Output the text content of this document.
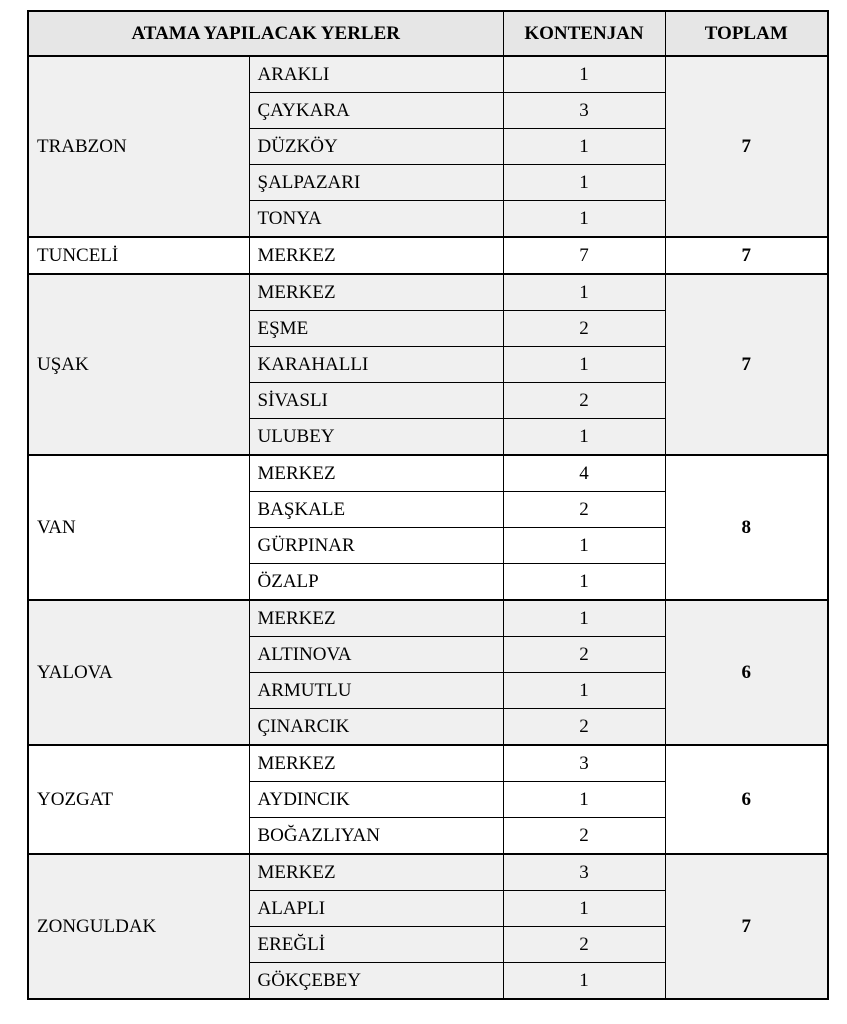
ATAMA YAPILACAK YERLER		KONTENJAN	TOPLAM
TRABZON	ARAKLI	1	7
	ÇAYKARA	3	
	DÜZKÖY	1	
	ŞALPAZARI	1	
	TONYA	1	
TUNCELİ	MERKEZ	7	7
UŞAK	MERKEZ	1	7
	EŞME	2	
	KARAHALLI	1	
	SİVASLI	2	
	ULUBEY	1	
VAN	MERKEZ	4	8
	BAŞKALE	2	
	GÜRPINAR	1	
	ÖZALP	1	
YALOVA	MERKEZ	1	6
	ALTINOVA	2	
	ARMUTLU	1	
	ÇINARCIK	2	
YOZGAT	MERKEZ	3	6
	AYDINCIK	1	
	BOĞAZLIYAN	2	
ZONGULDAK	MERKEZ	3	7
	ALAPLI	1	
	EREĞLİ	2	
	GÖKÇEBEY	1	
